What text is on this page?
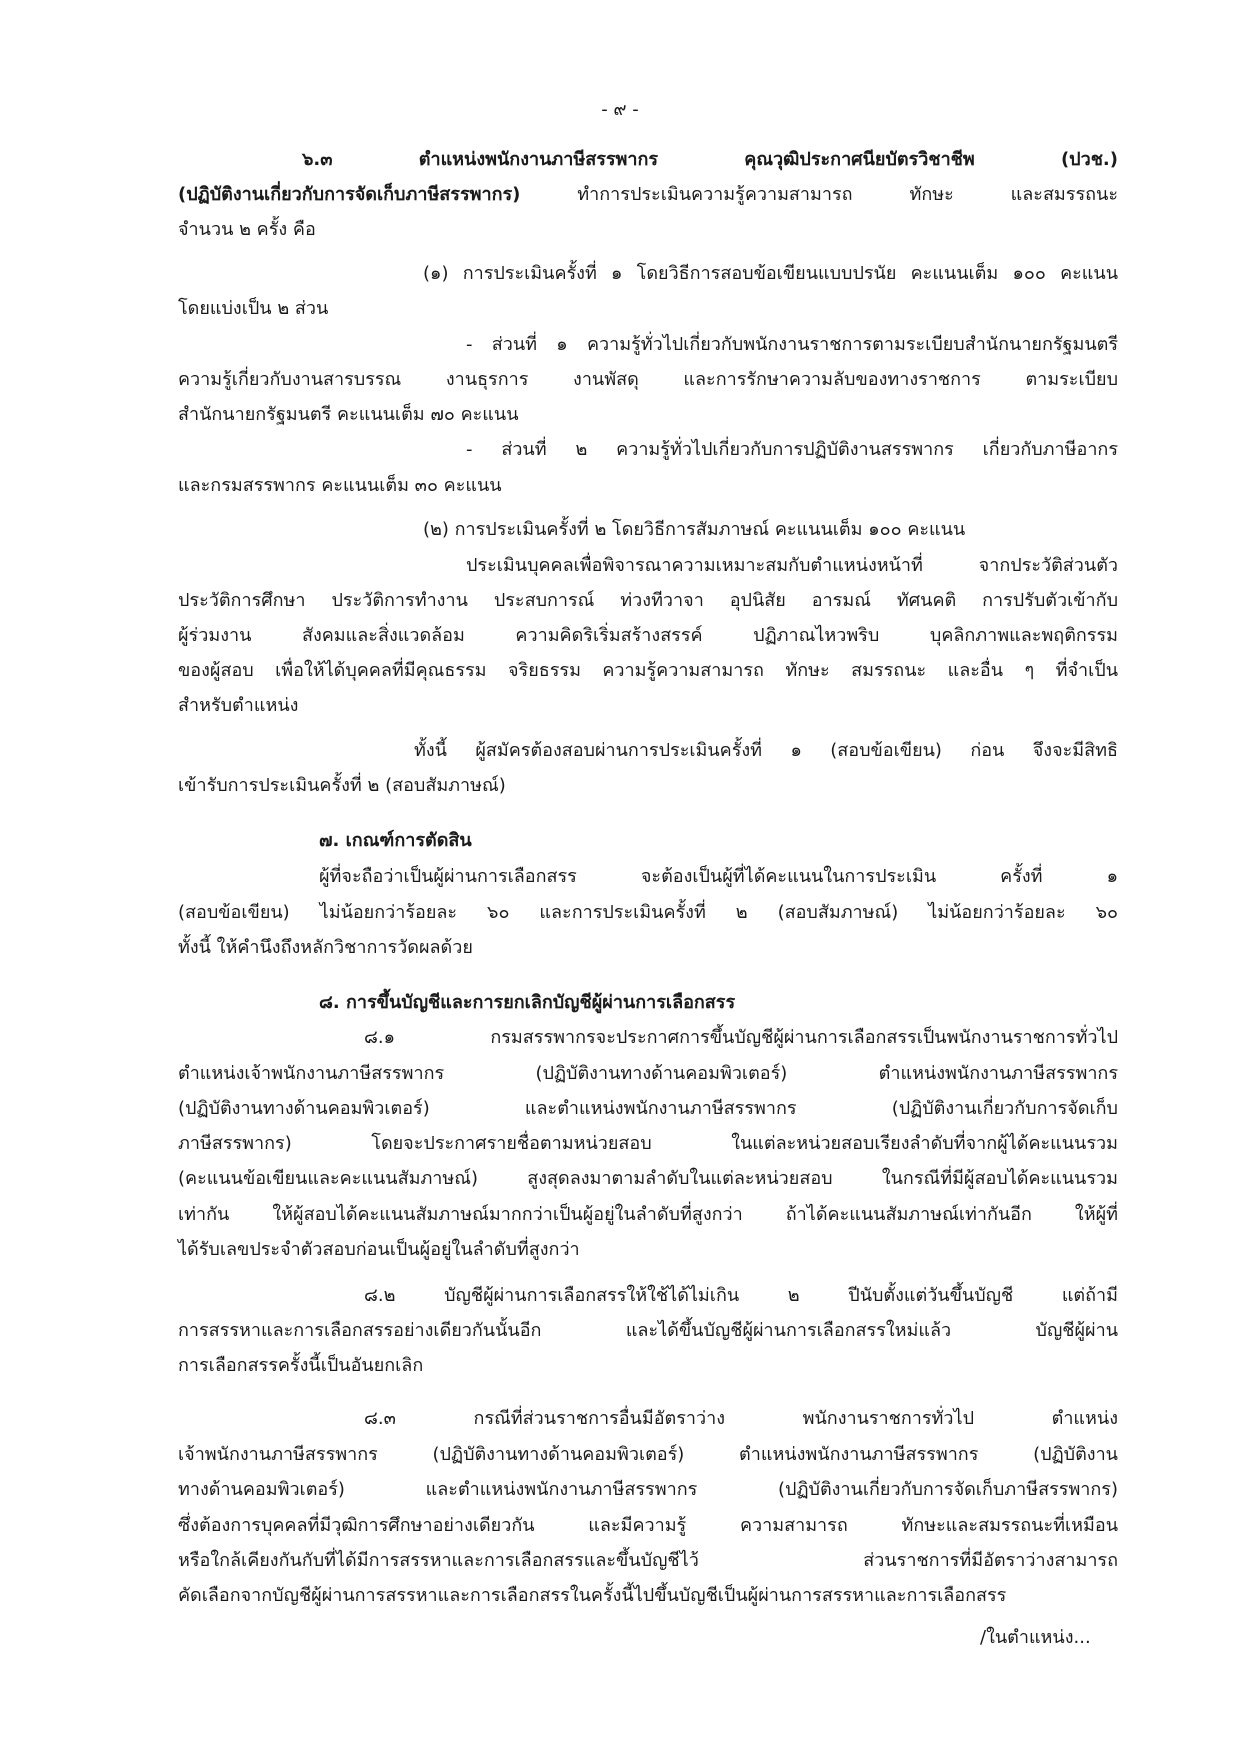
- ๙ -
๖.๓ ตำแหน่งพนักงานภาษีสรรพากร คุณวุฒิประกาศนียบัตรวิชาชีพ (ปวช.)
(ปฏิบัติงานเกี่ยวกับการจัดเก็บภาษีสรรพากร) ทำการประเมินความรู้ความสามารถ ทักษะ และสมรรถนะ
จำนวน ๒ ครั้ง คือ
(๑) การประเมินครั้งที่ ๑ โดยวิธีการสอบข้อเขียนแบบปรนัย คะแนนเต็ม ๑๐๐ คะแนน
โดยแบ่งเป็น ๒ ส่วน
- ส่วนที่ ๑ ความรู้ทั่วไปเกี่ยวกับพนักงานราชการตามระเบียบสำนักนายกรัฐมนตรี
ความรู้เกี่ยวกับงานสารบรรณ งานธุรการ งานพัสดุ และการรักษาความลับของทางราชการ ตามระเบียบ
สำนักนายกรัฐมนตรี คะแนนเต็ม ๗๐ คะแนน
- ส่วนที่ ๒ ความรู้ทั่วไปเกี่ยวกับการปฏิบัติงานสรรพากร เกี่ยวกับภาษีอากร
และกรมสรรพากร คะแนนเต็ม ๓๐ คะแนน
(๒) การประเมินครั้งที่ ๒ โดยวิธีการสัมภาษณ์ คะแนนเต็ม ๑๐๐ คะแนน
ประเมินบุคคลเพื่อพิจารณาความเหมาะสมกับตำแหน่งหน้าที่ จากประวัติส่วนตัว
ประวัติการศึกษา ประวัติการทำงาน ประสบการณ์ ท่วงทีวาจา อุปนิสัย อารมณ์ ทัศนคติ การปรับตัวเข้ากับ
ผู้ร่วมงาน สังคมและสิ่งแวดล้อม ความคิดริเริ่มสร้างสรรค์ ปฏิภาณไหวพริบ บุคลิกภาพและพฤติกรรม
ของผู้สอบ เพื่อให้ได้บุคคลที่มีคุณธรรม จริยธรรม ความรู้ความสามารถ ทักษะ สมรรถนะ และอื่น ๆ ที่จำเป็น
สำหรับตำแหน่ง
ทั้งนี้ ผู้สมัครต้องสอบผ่านการประเมินครั้งที่ ๑ (สอบข้อเขียน) ก่อน จึงจะมีสิทธิ
เข้ารับการประเมินครั้งที่ ๒ (สอบสัมภาษณ์)
๗. เกณฑ์การตัดสิน
ผู้ที่จะถือว่าเป็นผู้ผ่านการเลือกสรร จะต้องเป็นผู้ที่ได้คะแนนในการประเมิน ครั้งที่ ๑
(สอบข้อเขียน) ไม่น้อยกว่าร้อยละ ๖๐ และการประเมินครั้งที่ ๒ (สอบสัมภาษณ์) ไม่น้อยกว่าร้อยละ ๖๐
ทั้งนี้ ให้คำนึงถึงหลักวิชาการวัดผลด้วย
๘. การขึ้นบัญชีและการยกเลิกบัญชีผู้ผ่านการเลือกสรร
๘.๑ กรมสรรพากรจะประกาศการขึ้นบัญชีผู้ผ่านการเลือกสรรเป็นพนักงานราชการทั่วไป
ตำแหน่งเจ้าพนักงานภาษีสรรพากร (ปฏิบัติงานทางด้านคอมพิวเตอร์) ตำแหน่งพนักงานภาษีสรรพากร
(ปฏิบัติงานทางด้านคอมพิวเตอร์) และตำแหน่งพนักงานภาษีสรรพากร (ปฏิบัติงานเกี่ยวกับการจัดเก็บ
ภาษีสรรพากร) โดยจะประกาศรายชื่อตามหน่วยสอบ ในแต่ละหน่วยสอบเรียงลำดับที่จากผู้ได้คะแนนรวม
(คะแนนข้อเขียนและคะแนนสัมภาษณ์) สูงสุดลงมาตามลำดับในแต่ละหน่วยสอบ ในกรณีที่มีผู้สอบได้คะแนนรวม
เท่ากัน ให้ผู้สอบได้คะแนนสัมภาษณ์มากกว่าเป็นผู้อยู่ในลำดับที่สูงกว่า ถ้าได้คะแนนสัมภาษณ์เท่ากันอีก ให้ผู้ที่
ได้รับเลขประจำตัวสอบก่อนเป็นผู้อยู่ในลำดับที่สูงกว่า
๘.๒ บัญชีผู้ผ่านการเลือกสรรให้ใช้ได้ไม่เกิน ๒ ปีนับตั้งแต่วันขึ้นบัญชี แต่ถ้ามี
การสรรหาและการเลือกสรรอย่างเดียวกันนั้นอีก และได้ขึ้นบัญชีผู้ผ่านการเลือกสรรใหม่แล้ว บัญชีผู้ผ่าน
การเลือกสรรครั้งนี้เป็นอันยกเลิก
๘.๓ กรณีที่ส่วนราชการอื่นมีอัตราว่าง พนักงานราชการทั่วไป ตำแหน่ง
เจ้าพนักงานภาษีสรรพากร (ปฏิบัติงานทางด้านคอมพิวเตอร์) ตำแหน่งพนักงานภาษีสรรพากร (ปฏิบัติงาน
ทางด้านคอมพิวเตอร์) และตำแหน่งพนักงานภาษีสรรพากร (ปฏิบัติงานเกี่ยวกับการจัดเก็บภาษีสรรพากร)
ซึ่งต้องการบุคคลที่มีวุฒิการศึกษาอย่างเดียวกัน และมีความรู้ ความสามารถ ทักษะและสมรรถนะที่เหมือน
หรือใกล้เคียงกันกับที่ได้มีการสรรหาและการเลือกสรรและขึ้นบัญชีไว้ ส่วนราชการที่มีอัตราว่างสามารถ
คัดเลือกจากบัญชีผู้ผ่านการสรรหาและการเลือกสรรในครั้งนี้ไปขึ้นบัญชีเป็นผู้ผ่านการสรรหาและการเลือกสรร
/ในตำแหน่ง...
